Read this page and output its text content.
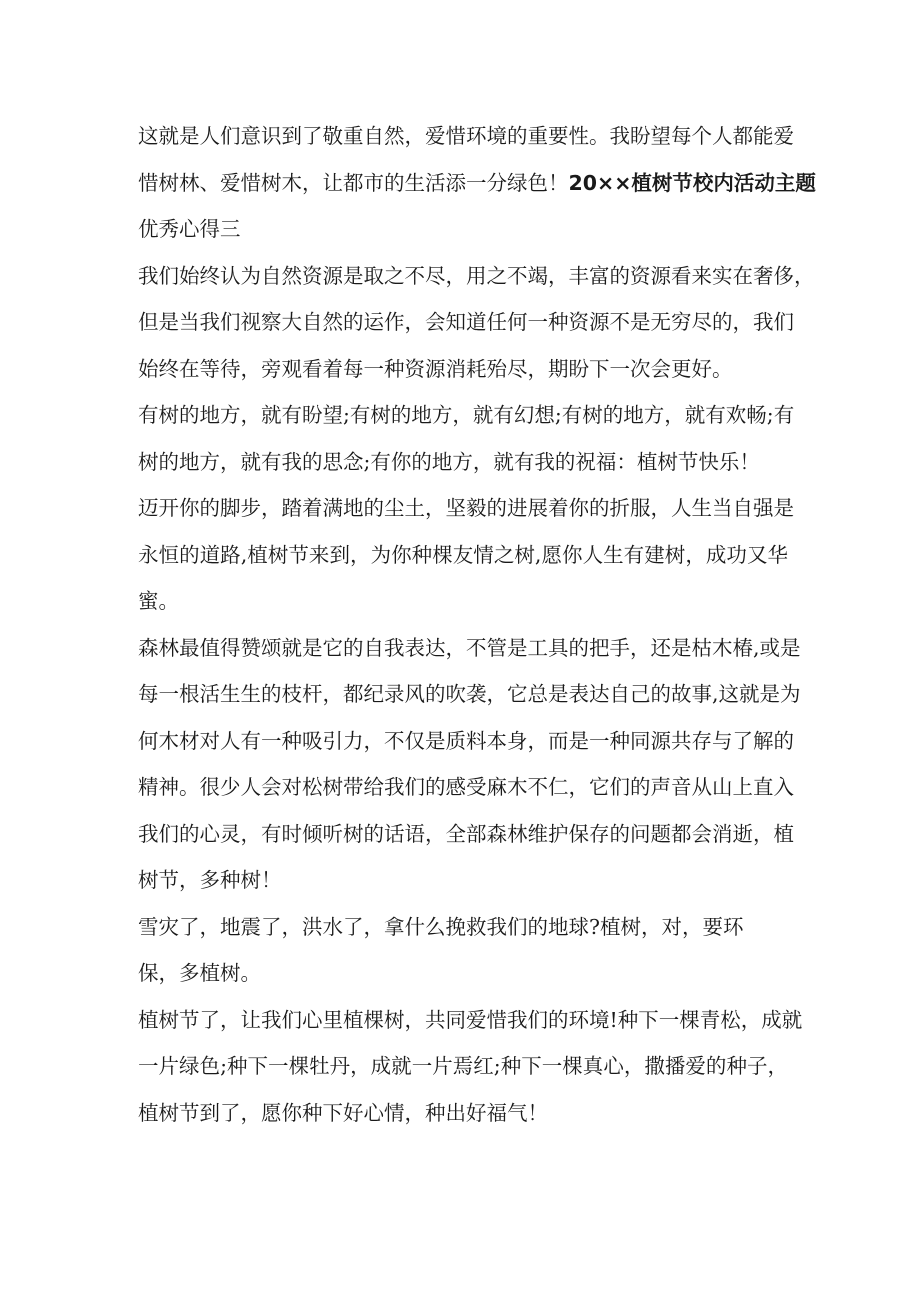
这就是人们意识到了敬重自然，爱惜环境的重要性。我盼望每个人都能爱
惜树林、爱惜树木，让都市的生活添一分绿色！20××植树节校内活动主题
优秀心得三
我们始终认为自然资源是取之不尽，用之不竭，丰富的资源看来实在奢侈，
但是当我们视察大自然的运作，会知道任何一种资源不是无穷尽的，我们
始终在等待，旁观看着每一种资源消耗殆尽，期盼下一次会更好。
有树的地方，就有盼望;有树的地方，就有幻想;有树的地方，就有欢畅;有
树的地方，就有我的思念;有你的地方，就有我的祝福：植树节快乐！
迈开你的脚步，踏着满地的尘土，坚毅的进展着你的折服，人生当自强是
永恒的道路,植树节来到，为你种棵友情之树,愿你人生有建树，成功又华
蜜。
森林最值得赞颂就是它的自我表达，不管是工具的把手，还是枯木椿,或是
每一根活生生的枝杆，都纪录风的吹袭，它总是表达自己的故事,这就是为
何木材对人有一种吸引力，不仅是质料本身，而是一种同源共存与了解的
精神。很少人会对松树带给我们的感受麻木不仁，它们的声音从山上直入
我们的心灵，有时倾听树的话语，全部森林维护保存的问题都会消逝，植
树节，多种树！
雪灾了，地震了，洪水了，拿什么挽救我们的地球?植树，对，要环
保，多植树。
植树节了，让我们心里植棵树，共同爱惜我们的环境!种下一棵青松，成就
一片绿色;种下一棵牡丹，成就一片焉红;种下一棵真心，撒播爱的种子，
植树节到了，愿你种下好心情，种出好福气！
